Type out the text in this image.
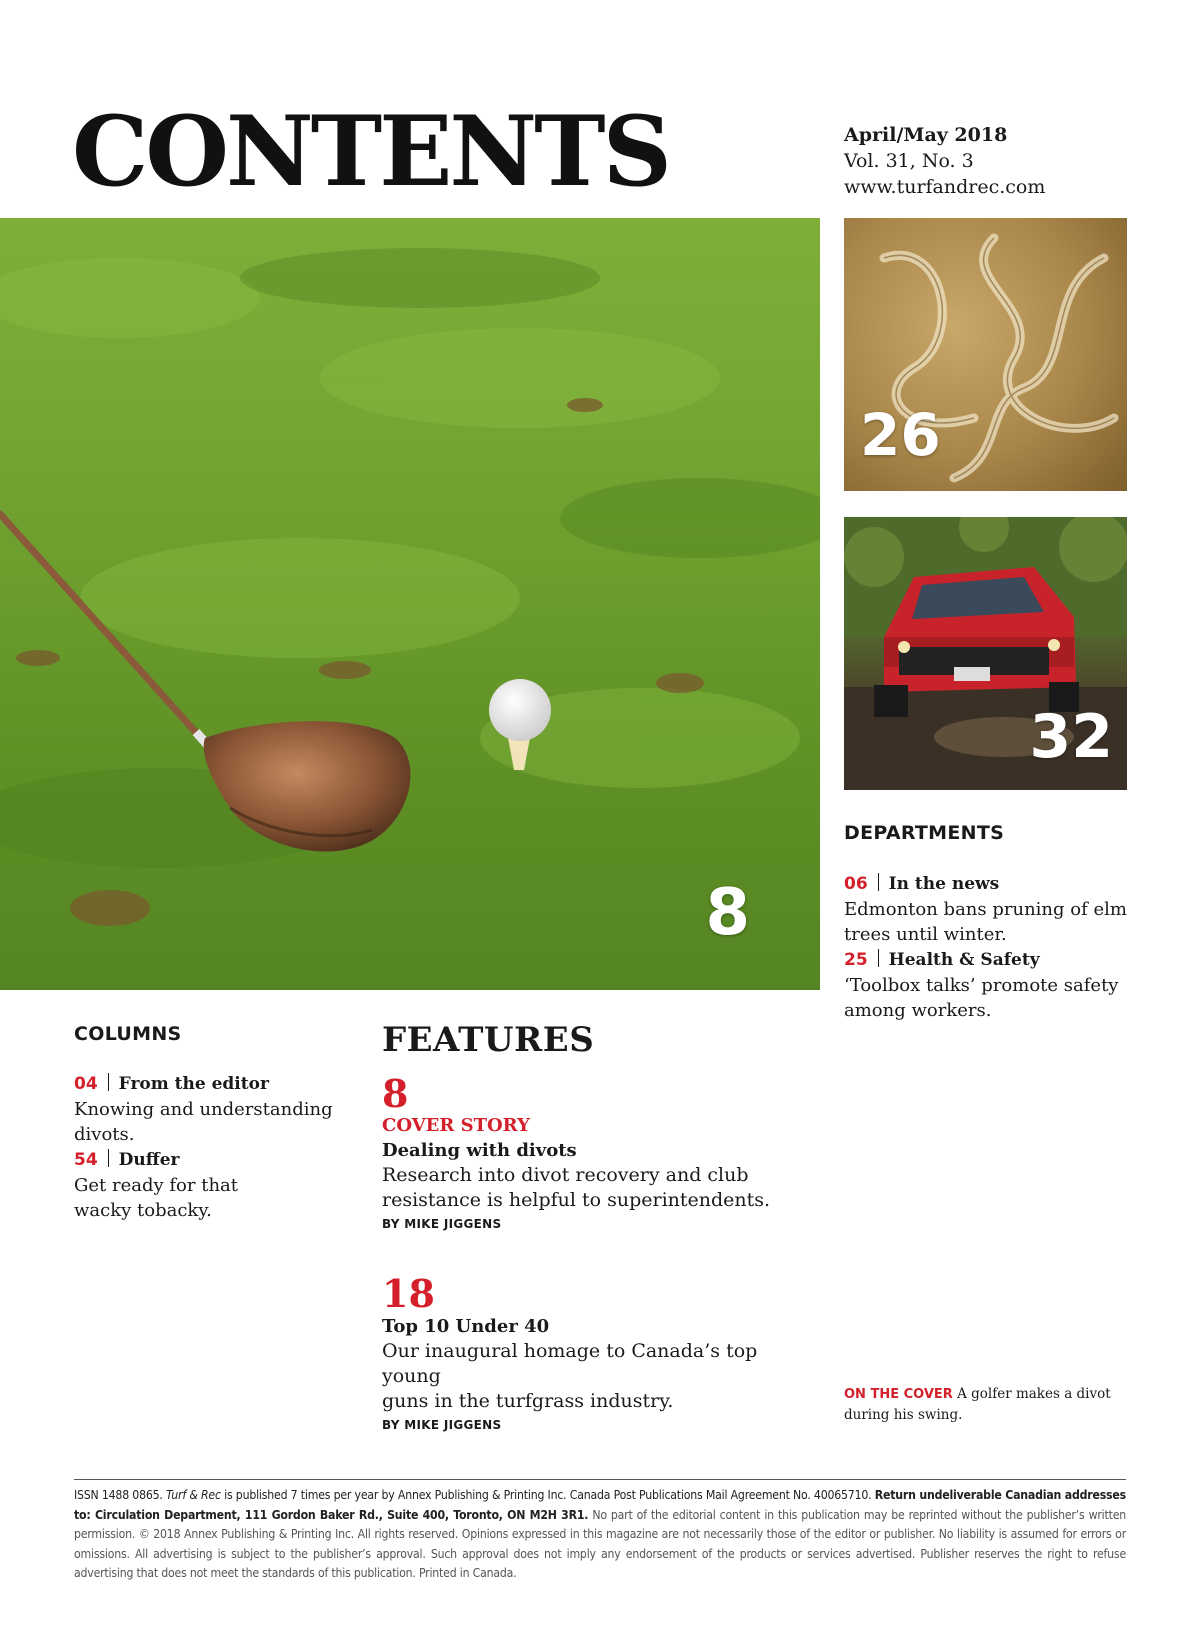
CONTENTS	April/May 2018
Vol. 31, No. 3
www.turfandrec.com
8
26
32
DEPARTMENTS
06 In the news
Edmonton bans pruning of elm
trees until winter.
25 Health & Safety
‘Toolbox talks’ promote safety
among workers.
COLUMNS
04 From the editor
Knowing and understanding
divots.
54 Duffer
Get ready for that
wacky tobacky.
FEATURES
8
COVER STORY
Dealing with divots
Research into divot recovery and club
resistance is helpful to superintendents.
BY MIKE JIGGENS
18
Top 10 Under 40
Our inaugural homage to Canada’s top young
guns in the turfgrass industry.
BY MIKE JIGGENS
ON THE COVER A golfer makes a divot
during his swing.
ISSN 1488 0865. Turf & Rec is published 7 times per year by Annex Publishing & Printing Inc. Canada Post Publications Mail Agreement No. 40065710. Return undeliverable Canadian addresses to: Circulation Department, 111 Gordon Baker Rd., Suite 400, Toronto, ON M2H 3R1. No part of the editorial content in this publication may be reprinted without the publisher’s written permission. © 2018 Annex Publishing & Printing Inc. All rights reserved. Opinions expressed in this magazine are not necessarily those of the editor or publisher. No liability is assumed for errors or omissions. All advertising is subject to the publisher’s approval. Such approval does not imply any endorsement of the products or services advertised. Publisher reserves the right to refuse advertising that does not meet the standards of this publication. Printed in Canada.
